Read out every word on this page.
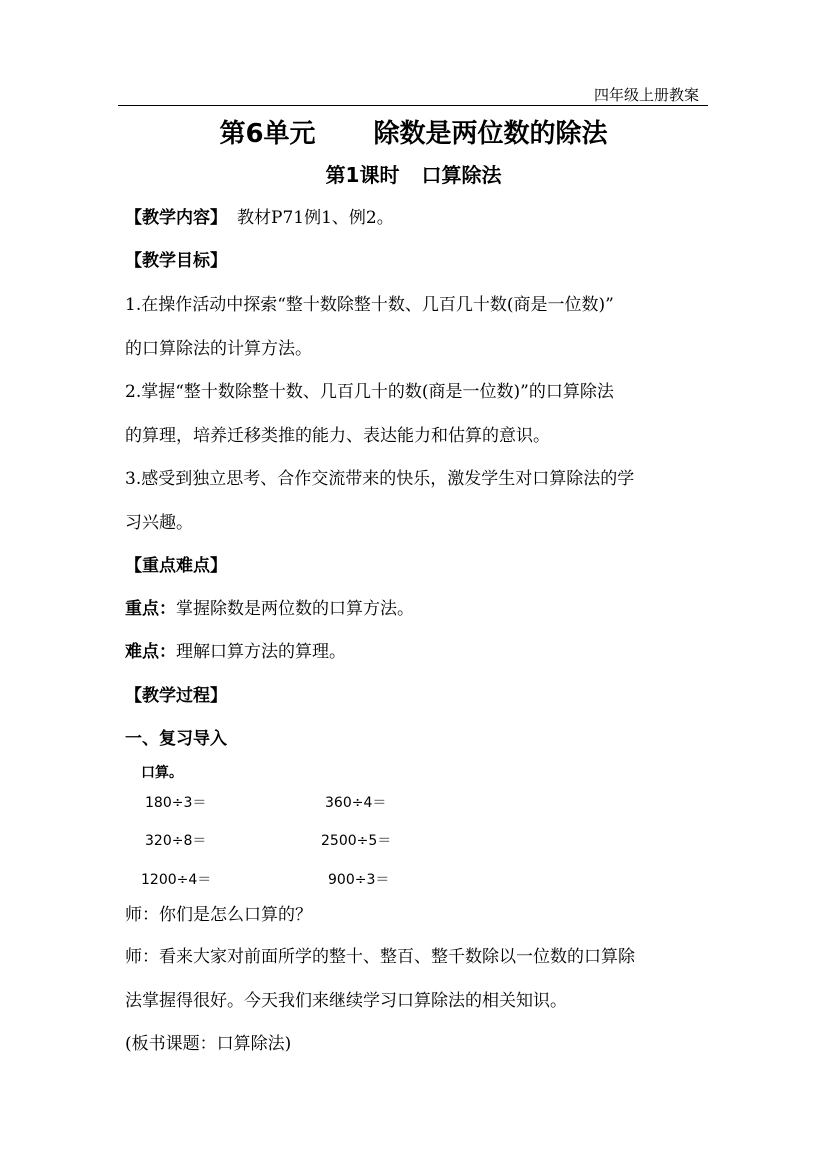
四年级上册教案
第6单元 除数是两位数的除法
第1课时 口算除法
【教学内容】 教材P71例1、例2。
【教学目标】
1.在操作活动中探索“整十数除整十数、几百几十数(商是一位数)”
的口算除法的计算方法。
2.掌握“整十数除整十数、几百几十的数(商是一位数)”的口算除法
的算理，培养迁移类推的能力、表达能力和估算的意识。
3.感受到独立思考、合作交流带来的快乐，激发学生对口算除法的学
习兴趣。
【重点难点】
重点：掌握除数是两位数的口算方法。
难点：理解口算方法的算理。
【教学过程】
一、复习导入
口算。
180÷3＝	360÷4＝
320÷8＝	2500÷5＝
1200÷4＝	900÷3＝
师：你们是怎么口算的？
师：看来大家对前面所学的整十、整百、整千数除以一位数的口算除
法掌握得很好。今天我们来继续学习口算除法的相关知识。
(板书课题：口算除法)
